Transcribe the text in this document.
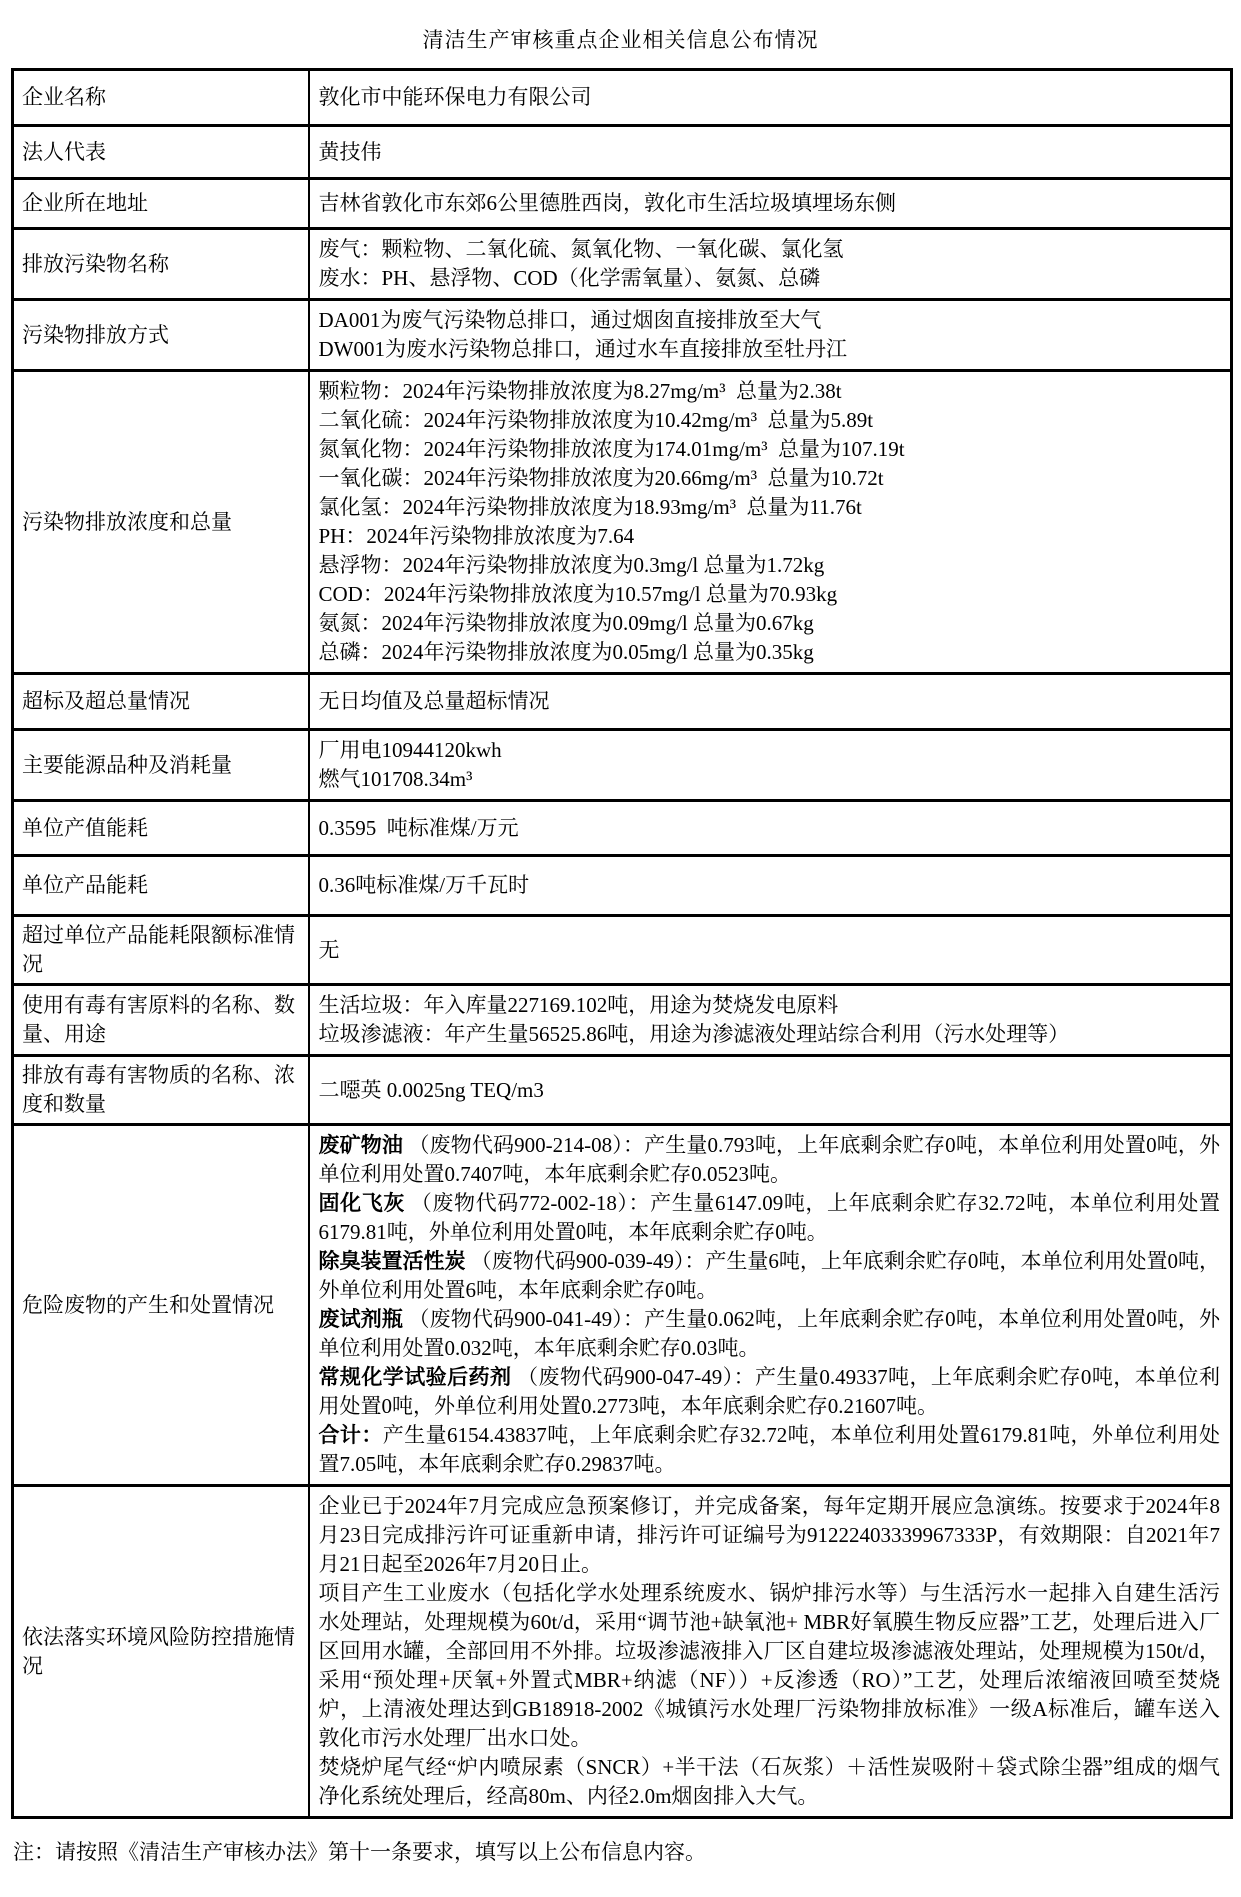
清洁生产审核重点企业相关信息公布情况
企业名称	敦化市中能环保电力有限公司

法人代表	黄技伟

企业所在地址	吉林省敦化市东郊6公里德胜西岗，敦化市生活垃圾填埋场东侧

排放污染物名称	废气：颗粒物、二氧化硫、氮氧化物、一氧化碳、氯化氢
废水：PH、悬浮物、COD（化学需氧量）、氨氮、总磷

污染物排放方式	DA001为废气污染物总排口，通过烟囱直接排放至大气
DW001为废水污染物总排口，通过水车直接排放至牡丹江

污染物排放浓度和总量	
颗粒物：2024年污染物排放浓度为8.27mg/m³  总量为2.38t
二氧化硫：2024年污染物排放浓度为10.42mg/m³  总量为5.89t
氮氧化物：2024年污染物排放浓度为174.01mg/m³  总量为107.19t
一氧化碳：2024年污染物排放浓度为20.66mg/m³  总量为10.72t
氯化氢：2024年污染物排放浓度为18.93mg/m³  总量为11.76t
PH：2024年污染物排放浓度为7.64
悬浮物：2024年污染物排放浓度为0.3mg/l 总量为1.72kg
COD：2024年污染物排放浓度为10.57mg/l 总量为70.93kg
氨氮：2024年污染物排放浓度为0.09mg/l 总量为0.67kg
总磷：2024年污染物排放浓度为0.05mg/l 总量为0.35kg

超标及超总量情况	无日均值及总量超标情况

主要能源品种及消耗量	厂用电10944120kwh
燃气101708.34m³

单位产值能耗	0.3595  吨标准煤/万元

单位产品能耗	0.36吨标准煤/万千瓦时

超过单位产品能耗限额标准情况	无

使用有毒有害原料的名称、数量、用途	生活垃圾：年入库量227169.102吨，用途为焚烧发电原料
垃圾渗滤液：年产生量56525.86吨，用途为渗滤液处理站综合利用（污水处理等）

排放有毒有害物质的名称、浓度和数量	二噁英 0.0025ng TEQ/m3

危险废物的产生和处置情况	
废矿物油 （废物代码900-214-08）：产生量0.793吨，上年底剩余贮存0吨，本单位利用处置0吨，外单位利用处置0.7407吨，本年底剩余贮存0.0523吨。
固化飞灰 （废物代码772-002-18）：产生量6147.09吨，上年底剩余贮存32.72吨，本单位利用处置6179.81吨，外单位利用处置0吨，本年底剩余贮存0吨。
除臭装置活性炭 （废物代码900-039-49）：产生量6吨，上年底剩余贮存0吨，本单位利用处置0吨，外单位利用处置6吨，本年底剩余贮存0吨。
废试剂瓶 （废物代码900-041-49）：产生量0.062吨，上年底剩余贮存0吨，本单位利用处置0吨，外单位利用处置0.032吨，本年底剩余贮存0.03吨。
常规化学试验后药剂 （废物代码900-047-49）：产生量0.49337吨，上年底剩余贮存0吨，本单位利用处置0吨，外单位利用处置0.2773吨，本年底剩余贮存0.21607吨。
合计：产生量6154.43837吨，上年底剩余贮存32.72吨，本单位利用处置6179.81吨，外单位利用处置7.05吨，本年底剩余贮存0.29837吨。

依法落实环境风险防控措施情况	企业已于2024年7月完成应急预案修订，并完成备案，每年定期开展应急演练。按要求于2024年8月23日完成排污许可证重新申请，排污许可证编号为91222403339967333P，有效期限：自2021年7月21日起至2026年7月20日止。
项目产生工业废水（包括化学水处理系统废水、锅炉排污水等）与生活污水一起排入自建生活污水处理站，处理规模为60t/d，采用“调节池+缺氧池+ MBR好氧膜生物反应器”工艺，处理后进入厂区回用水罐，全部回用不外排。垃圾渗滤液排入厂区自建垃圾渗滤液处理站，处理规模为150t/d，采用“预处理+厌氧+外置式MBR+纳滤（NF））+反渗透（RO）”工艺，处理后浓缩液回喷至焚烧炉，上清液处理达到GB18918-2002《城镇污水处理厂污染物排放标准》一级A标准后，罐车送入敦化市污水处理厂出水口处。
焚烧炉尾气经“炉内喷尿素（SNCR）+半干法（石灰浆）＋活性炭吸附＋袋式除尘器”组成的烟气净化系统处理后，经高80m、内径2.0m烟囱排入大气。
注：请按照《清洁生产审核办法》第十一条要求，填写以上公布信息内容。
